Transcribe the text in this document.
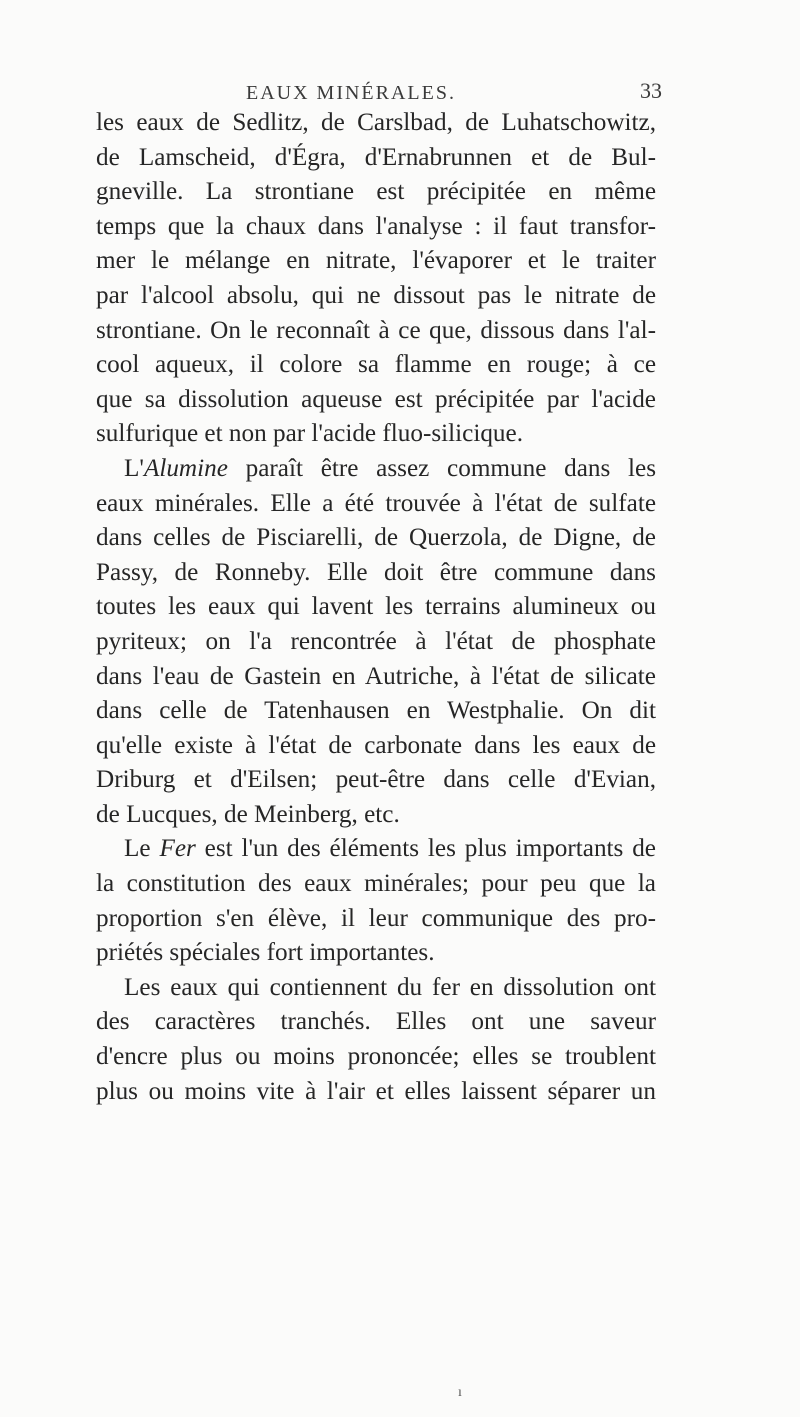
EAUX MINÉRALES.	33
les eaux de Sedlitz, de Carslbad, de Luhatschowitz,
de Lamscheid, d'Égra, d'Ernabrunnen et de Bul-
gneville. La strontiane est précipitée en même
temps que la chaux dans l'analyse : il faut transfor-
mer le mélange en nitrate, l'évaporer et le traiter
par l'alcool absolu, qui ne dissout pas le nitrate de
strontiane. On le reconnaît à ce que, dissous dans l'al-
cool aqueux, il colore sa flamme en rouge; à ce
que sa dissolution aqueuse est précipitée par l'acide
sulfurique et non par l'acide fluo-silicique.
L'Alumine paraît être assez commune dans les
eaux minérales. Elle a été trouvée à l'état de sulfate
dans celles de Pisciarelli, de Querzola, de Digne, de
Passy, de Ronneby. Elle doit être commune dans
toutes les eaux qui lavent les terrains alumineux ou
pyriteux; on l'a rencontrée à l'état de phosphate
dans l'eau de Gastein en Autriche, à l'état de silicate
dans celle de Tatenhausen en Westphalie. On dit
qu'elle existe à l'état de carbonate dans les eaux de
Driburg et d'Eilsen; peut-être dans celle d'Evian,
de Lucques, de Meinberg, etc.
Le Fer est l'un des éléments les plus importants de
la constitution des eaux minérales; pour peu que la
proportion s'en élève, il leur communique des pro-
priétés spéciales fort importantes.
Les eaux qui contiennent du fer en dissolution ont
des caractères tranchés. Elles ont une saveur
d'encre plus ou moins prononcée; elles se troublent
plus ou moins vite à l'air et elles laissent séparer un
ı
